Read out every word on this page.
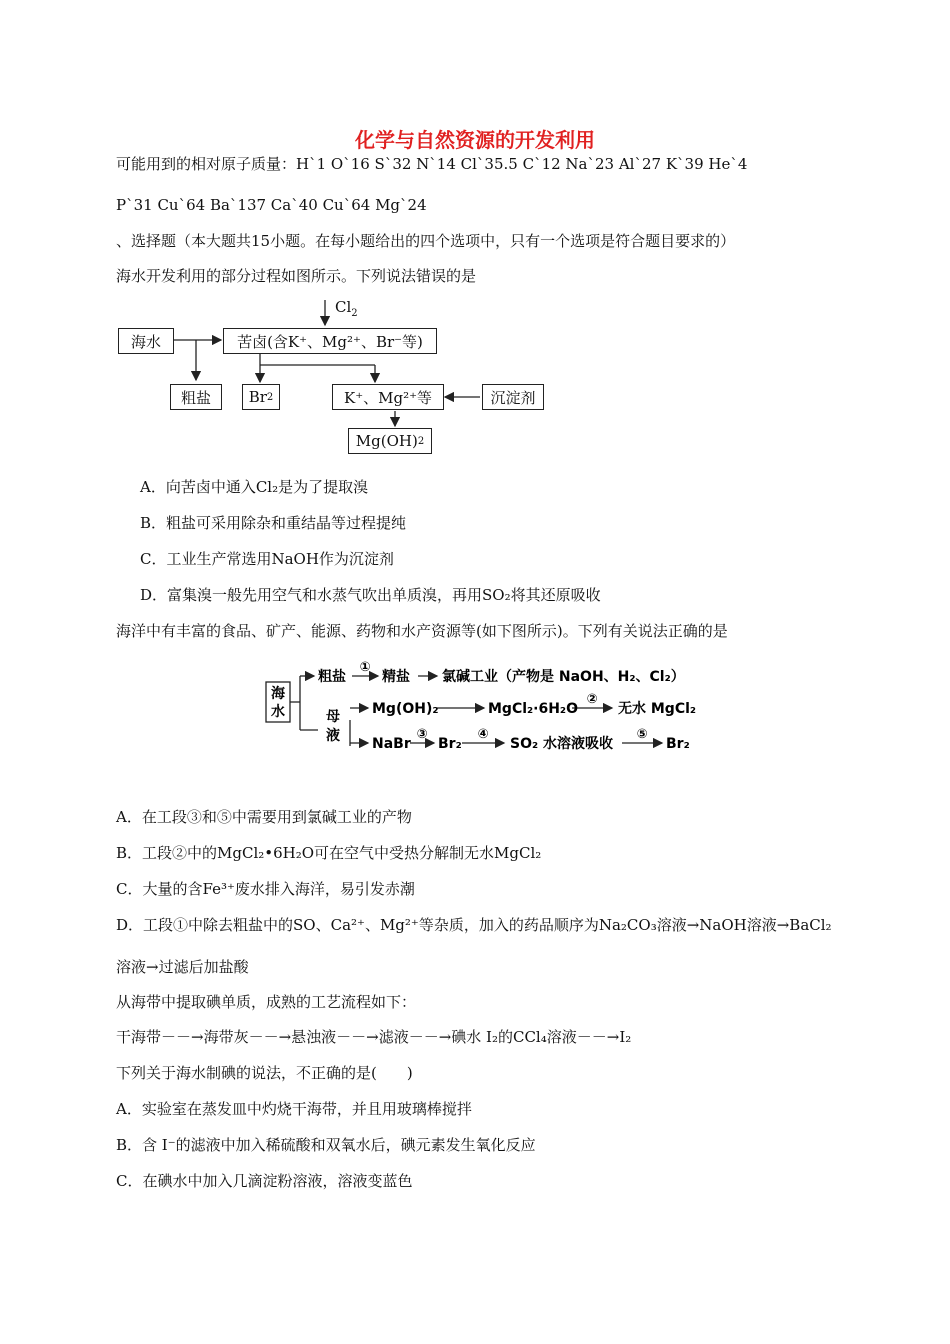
化学与自然资源的开发利用
可能用到的相对原子质量：H`1 O`16 S`32 N`14 Cl`35.5 C`12 Na`23 Al`27 K`39 He`4
P`31 Cu`64 Ba`137 Ca`40 Cu`64 Mg`24
、选择题（本大题共15小题。在每小题给出的四个选项中，只有一个选项是符合题目要求的）
海水开发利用的部分过程如图所示。下列说法错误的是
$Cl_2$
海水	苦卤(含K⁺、Mg²⁺、Br⁻等)
粗盐	Br 2	K⁺、Mg²⁺等	沉淀剂
Mg(OH) 2
A．向苦卤中通入Cl₂是为了提取溴
B．粗盐可采用除杂和重结晶等过程提纯
C．工业生产常选用NaOH作为沉淀剂
D．富集溴一般先用空气和水蒸气吹出单质溴，再用SO₂将其还原吸收
海洋中有丰富的食品、矿产、能源、药物和水产资源等(如下图所示)。下列有关说法正确的是
海
水
粗盐
①
精盐 氯碱工业（产物是 NaOH、H₂、Cl₂）
母
液
Mg(OH)₂	MgCl₂·6H₂O
②
无水 MgCl₂
NaBr
③
Br₂
④
SO₂ 水溶液吸收
⑤
Br₂
A．在工段③和⑤中需要用到氯碱工业的产物
B．工段②中的MgCl₂•6H₂O可在空气中受热分解制无水MgCl₂
C．大量的含Fe³⁺废水排入海洋，易引发赤潮
D．工段①中除去粗盐中的SO、Ca²⁺、Mg²⁺等杂质，加入的药品顺序为Na₂CO₃溶液→NaOH溶液→BaCl₂
溶液→过滤后加盐酸
从海带中提取碘单质，成熟的工艺流程如下：
干海带－－→海带灰－－→悬浊液－－→滤液－－→碘水 I₂的CCl₄溶液－－→I₂
下列关于海水制碘的说法，不正确的是(　　)
A．实验室在蒸发皿中灼烧干海带，并且用玻璃棒搅拌
B．含 I⁻的滤液中加入稀硫酸和双氧水后，碘元素发生氧化反应
C．在碘水中加入几滴淀粉溶液，溶液变蓝色
